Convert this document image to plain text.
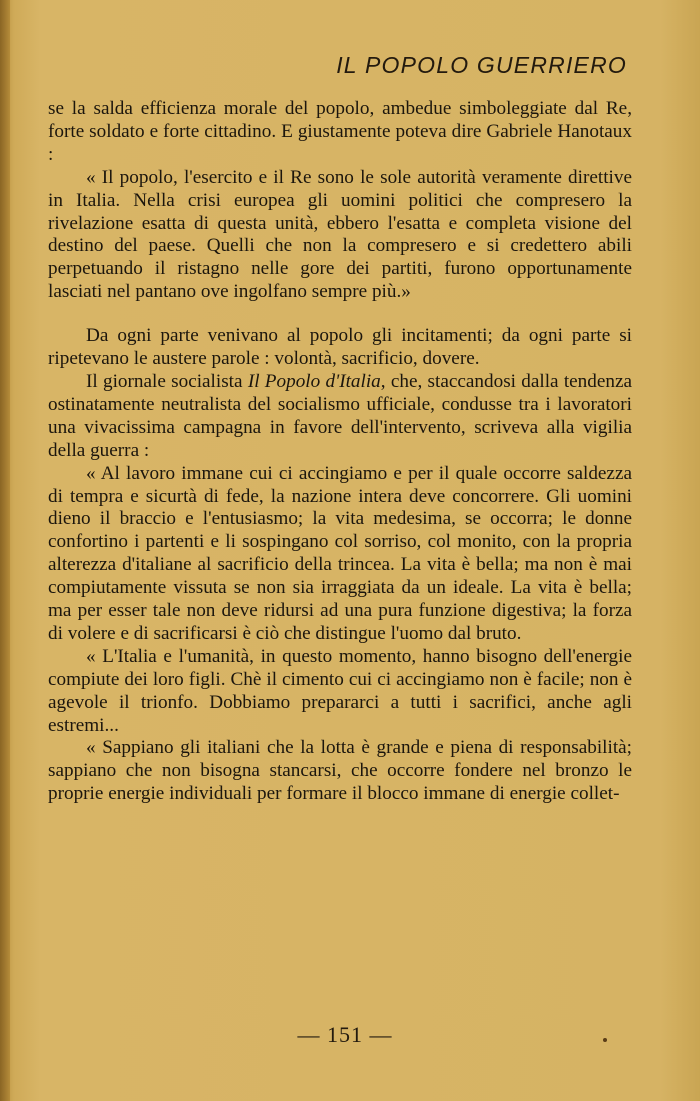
IL POPOLO GUERRIERO

se la salda efficienza morale del popolo, ambedue simboleggiate dal Re, forte soldato e forte cittadino. E giustamente poteva dire Gabriele Hanotaux :

« Il popolo, l'esercito e il Re sono le sole autorità veramente direttive in Italia. Nella crisi europea gli uomini politici che compresero la rivelazione esatta di questa unità, ebbero l'esatta e completa visione del destino del paese. Quelli che non la compresero e si credettero abili perpetuando il ristagno nelle gore dei partiti, furono opportunamente lasciati nel pantano ove ingolfano sempre più.»

Da ogni parte venivano al popolo gli incitamenti; da ogni parte si ripetevano le austere parole : volontà, sacrificio, dovere.

Il giornale socialista Il Popolo d'Italia, che, staccandosi dalla tendenza ostinatamente neutralista del socialismo ufficiale, condusse tra i lavoratori una vivacissima campagna in favore dell'intervento, scriveva alla vigilia della guerra :

« Al lavoro immane cui ci accingiamo e per il quale occorre saldezza di tempra e sicurtà di fede, la nazione intera deve concorrere. Gli uomini dieno il braccio e l'entusiasmo; la vita medesima, se occorra; le donne confortino i partenti e li sospingano col sorriso, col monito, con la propria alterezza d'italiane al sacrificio della trincea. La vita è bella; ma non è mai compiutamente vissuta se non sia irraggiata da un ideale. La vita è bella; ma per esser tale non deve ridursi ad una pura funzione digestiva; la forza di volere e di sacrificarsi è ciò che distingue l'uomo dal bruto.

« L'Italia e l'umanità, in questo momento, hanno bisogno dell'energie compiute dei loro figli. Chè il cimento cui ci accingiamo non è facile; non è agevole il trionfo. Dobbiamo prepararci a tutti i sacrifici, anche agli estremi...

« Sappiano gli italiani che la lotta è grande e piena di responsabilità; sappiano che non bisogna stancarsi, che occorre fondere nel bronzo le proprie energie individuali per formare il blocco immane di energie collet-

— 151 —
